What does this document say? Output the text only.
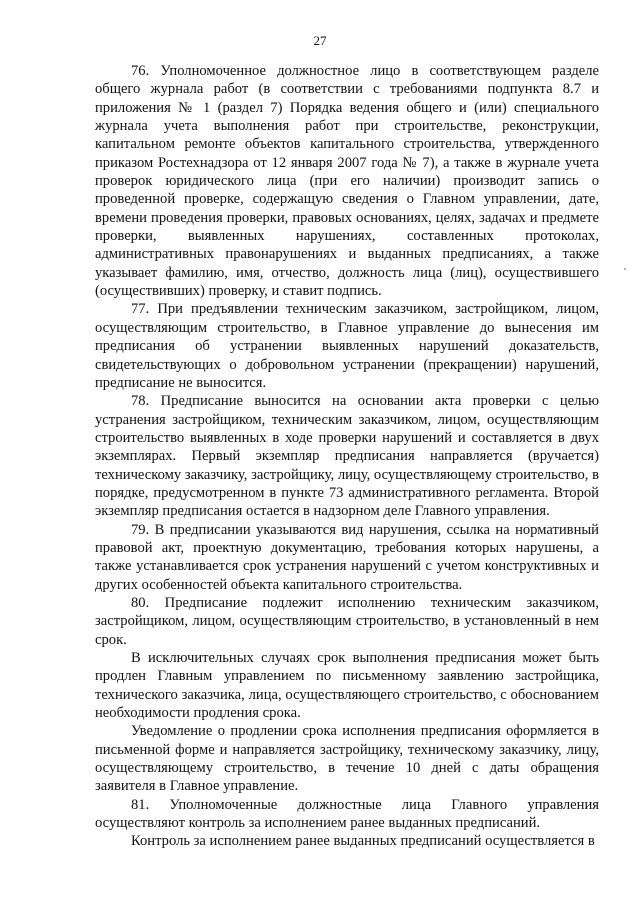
27

76. Уполномоченное должностное лицо в соответствующем разделе общего журнала работ (в соответствии с требованиями подпункта 8.7 и приложения № 1 (раздел 7) Порядка ведения общего и (или) специального журнала учета выполнения работ при строительстве, реконструкции, капитальном ремонте объектов капитального строительства, утвержденного приказом Ростехнадзора от 12 января 2007 года № 7), а также в журнале учета проверок юридического лица (при его наличии) производит запись о проведенной проверке, содержащую сведения о Главном управлении, дате, времени проведения проверки, правовых основаниях, целях, задачах и предмете проверки, выявленных нарушениях, составленных протоколах, административных правонарушениях и выданных предписаниях, а также указывает фамилию, имя, отчество, должность лица (лиц), осуществившего (осуществивших) проверку, и ставит подпись.

77. При предъявлении техническим заказчиком, застройщиком, лицом, осуществляющим строительство, в Главное управление до вынесения им предписания об устранении выявленных нарушений доказательств, свидетельствующих о добровольном устранении (прекращении) нарушений, предписание не выносится.

78. Предписание выносится на основании акта проверки с целью устранения застройщиком, техническим заказчиком, лицом, осуществляющим строительство выявленных в ходе проверки нарушений и составляется в двух экземплярах. Первый экземпляр предписания направляется (вручается) техническому заказчику, застройщику, лицу, осуществляющему строительство, в порядке, предусмотренном в пункте 73 административного регламента. Второй экземпляр предписания остается в надзорном деле Главного управления.

79. В предписании указываются вид нарушения, ссылка на нормативный правовой акт, проектную документацию, требования которых нарушены, а также устанавливается срок устранения нарушений с учетом конструктивных и других особенностей объекта капитального строительства.

80. Предписание подлежит исполнению техническим заказчиком, застройщиком, лицом, осуществляющим строительство, в установленный в нем срок.

В исключительных случаях срок выполнения предписания может быть продлен Главным управлением по письменному заявлению застройщика, технического заказчика, лица, осуществляющего строительство, с обоснованием необходимости продления срока.

Уведомление о продлении срока исполнения предписания оформляется в письменной форме и направляется застройщику, техническому заказчику, лицу, осуществляющему строительство, в течение 10 дней с даты обращения заявителя в Главное управление.

81. Уполномоченные должностные лица Главного управления осуществляют контроль за исполнением ранее выданных предписаний.

Контроль за исполнением ранее выданных предписаний осуществляется в
